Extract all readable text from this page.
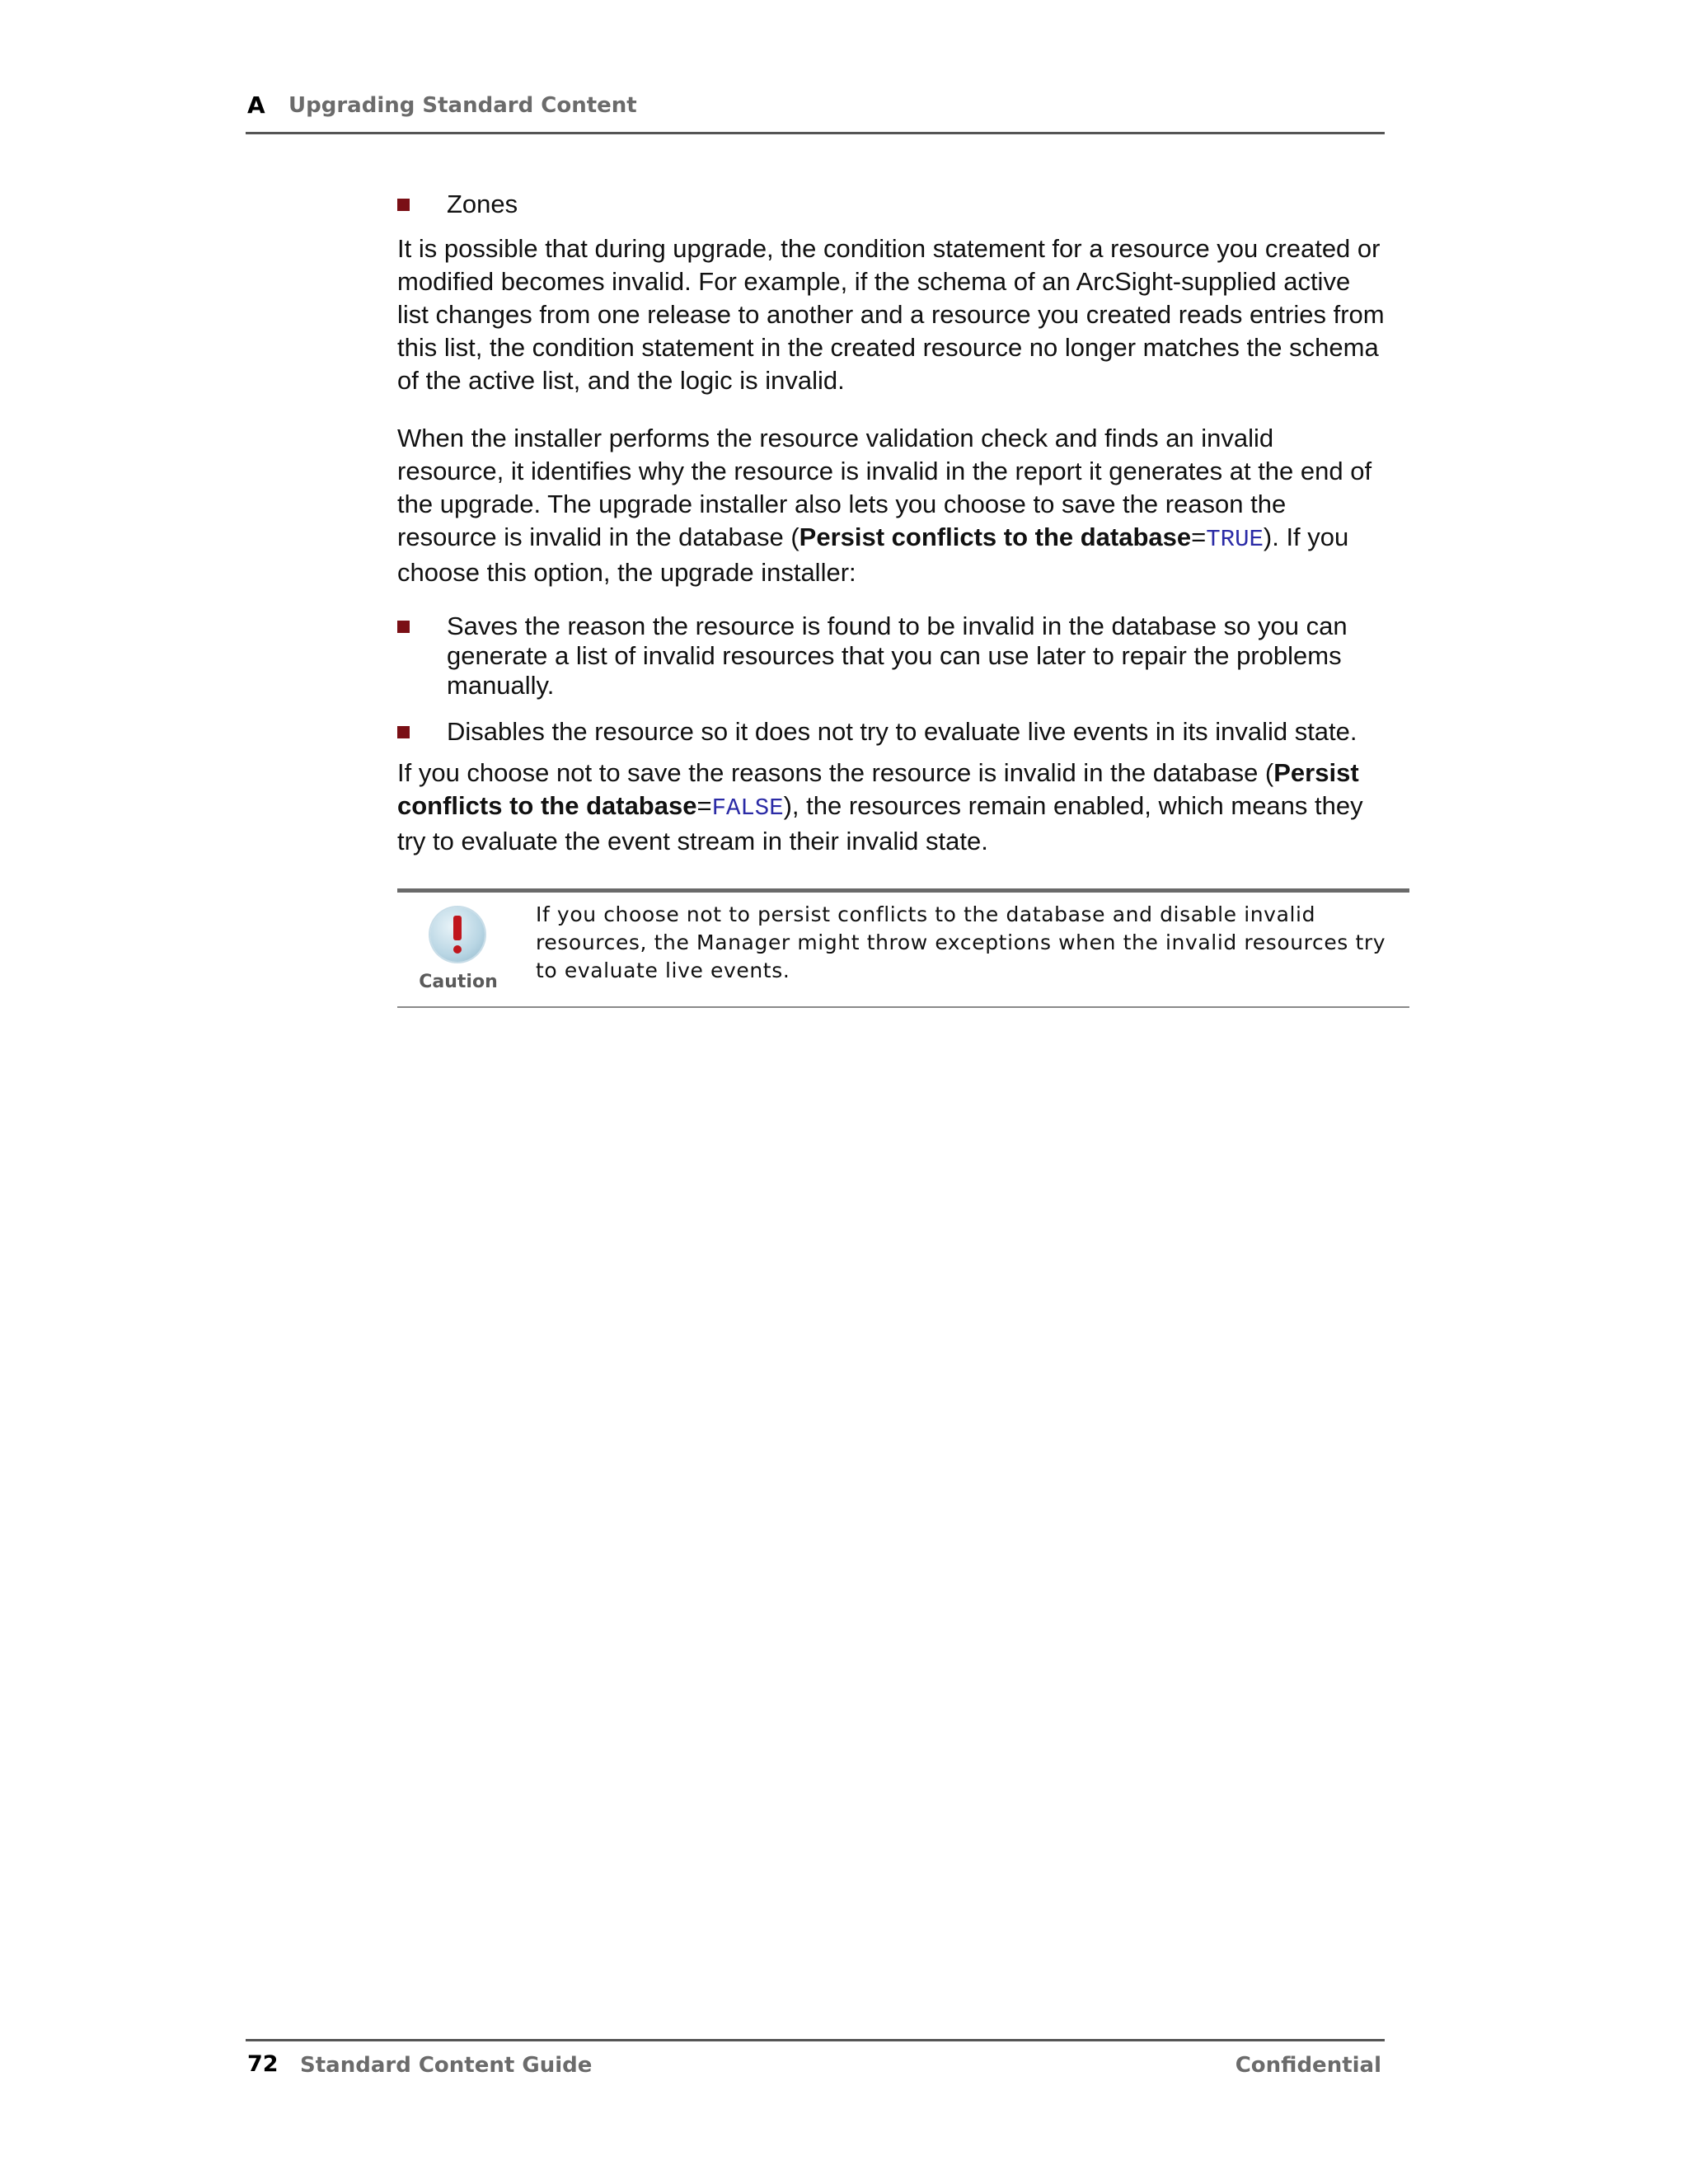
A Upgrading Standard Content
Zones
It is possible that during upgrade, the condition statement for a resource you created or modified becomes invalid. For example, if the schema of an ArcSight-supplied active list changes from one release to another and a resource you created reads entries from this list, the condition statement in the created resource no longer matches the schema of the active list, and the logic is invalid.
When the installer performs the resource validation check and finds an invalid resource, it identifies why the resource is invalid in the report it generates at the end of the upgrade. The upgrade installer also lets you choose to save the reason the resource is invalid in the database (Persist conflicts to the database=TRUE). If you choose this option, the upgrade installer:
Saves the reason the resource is found to be invalid in the database so you can generate a list of invalid resources that you can use later to repair the problems manually.
Disables the resource so it does not try to evaluate live events in its invalid state.
If you choose not to save the reasons the resource is invalid in the database (Persist conflicts to the database=FALSE), the resources remain enabled, which means they try to evaluate the event stream in their invalid state.
Caution
If you choose not to persist conflicts to the database and disable invalid resources, the Manager might throw exceptions when the invalid resources try to evaluate live events.
72 Standard Content Guide	Confidential
